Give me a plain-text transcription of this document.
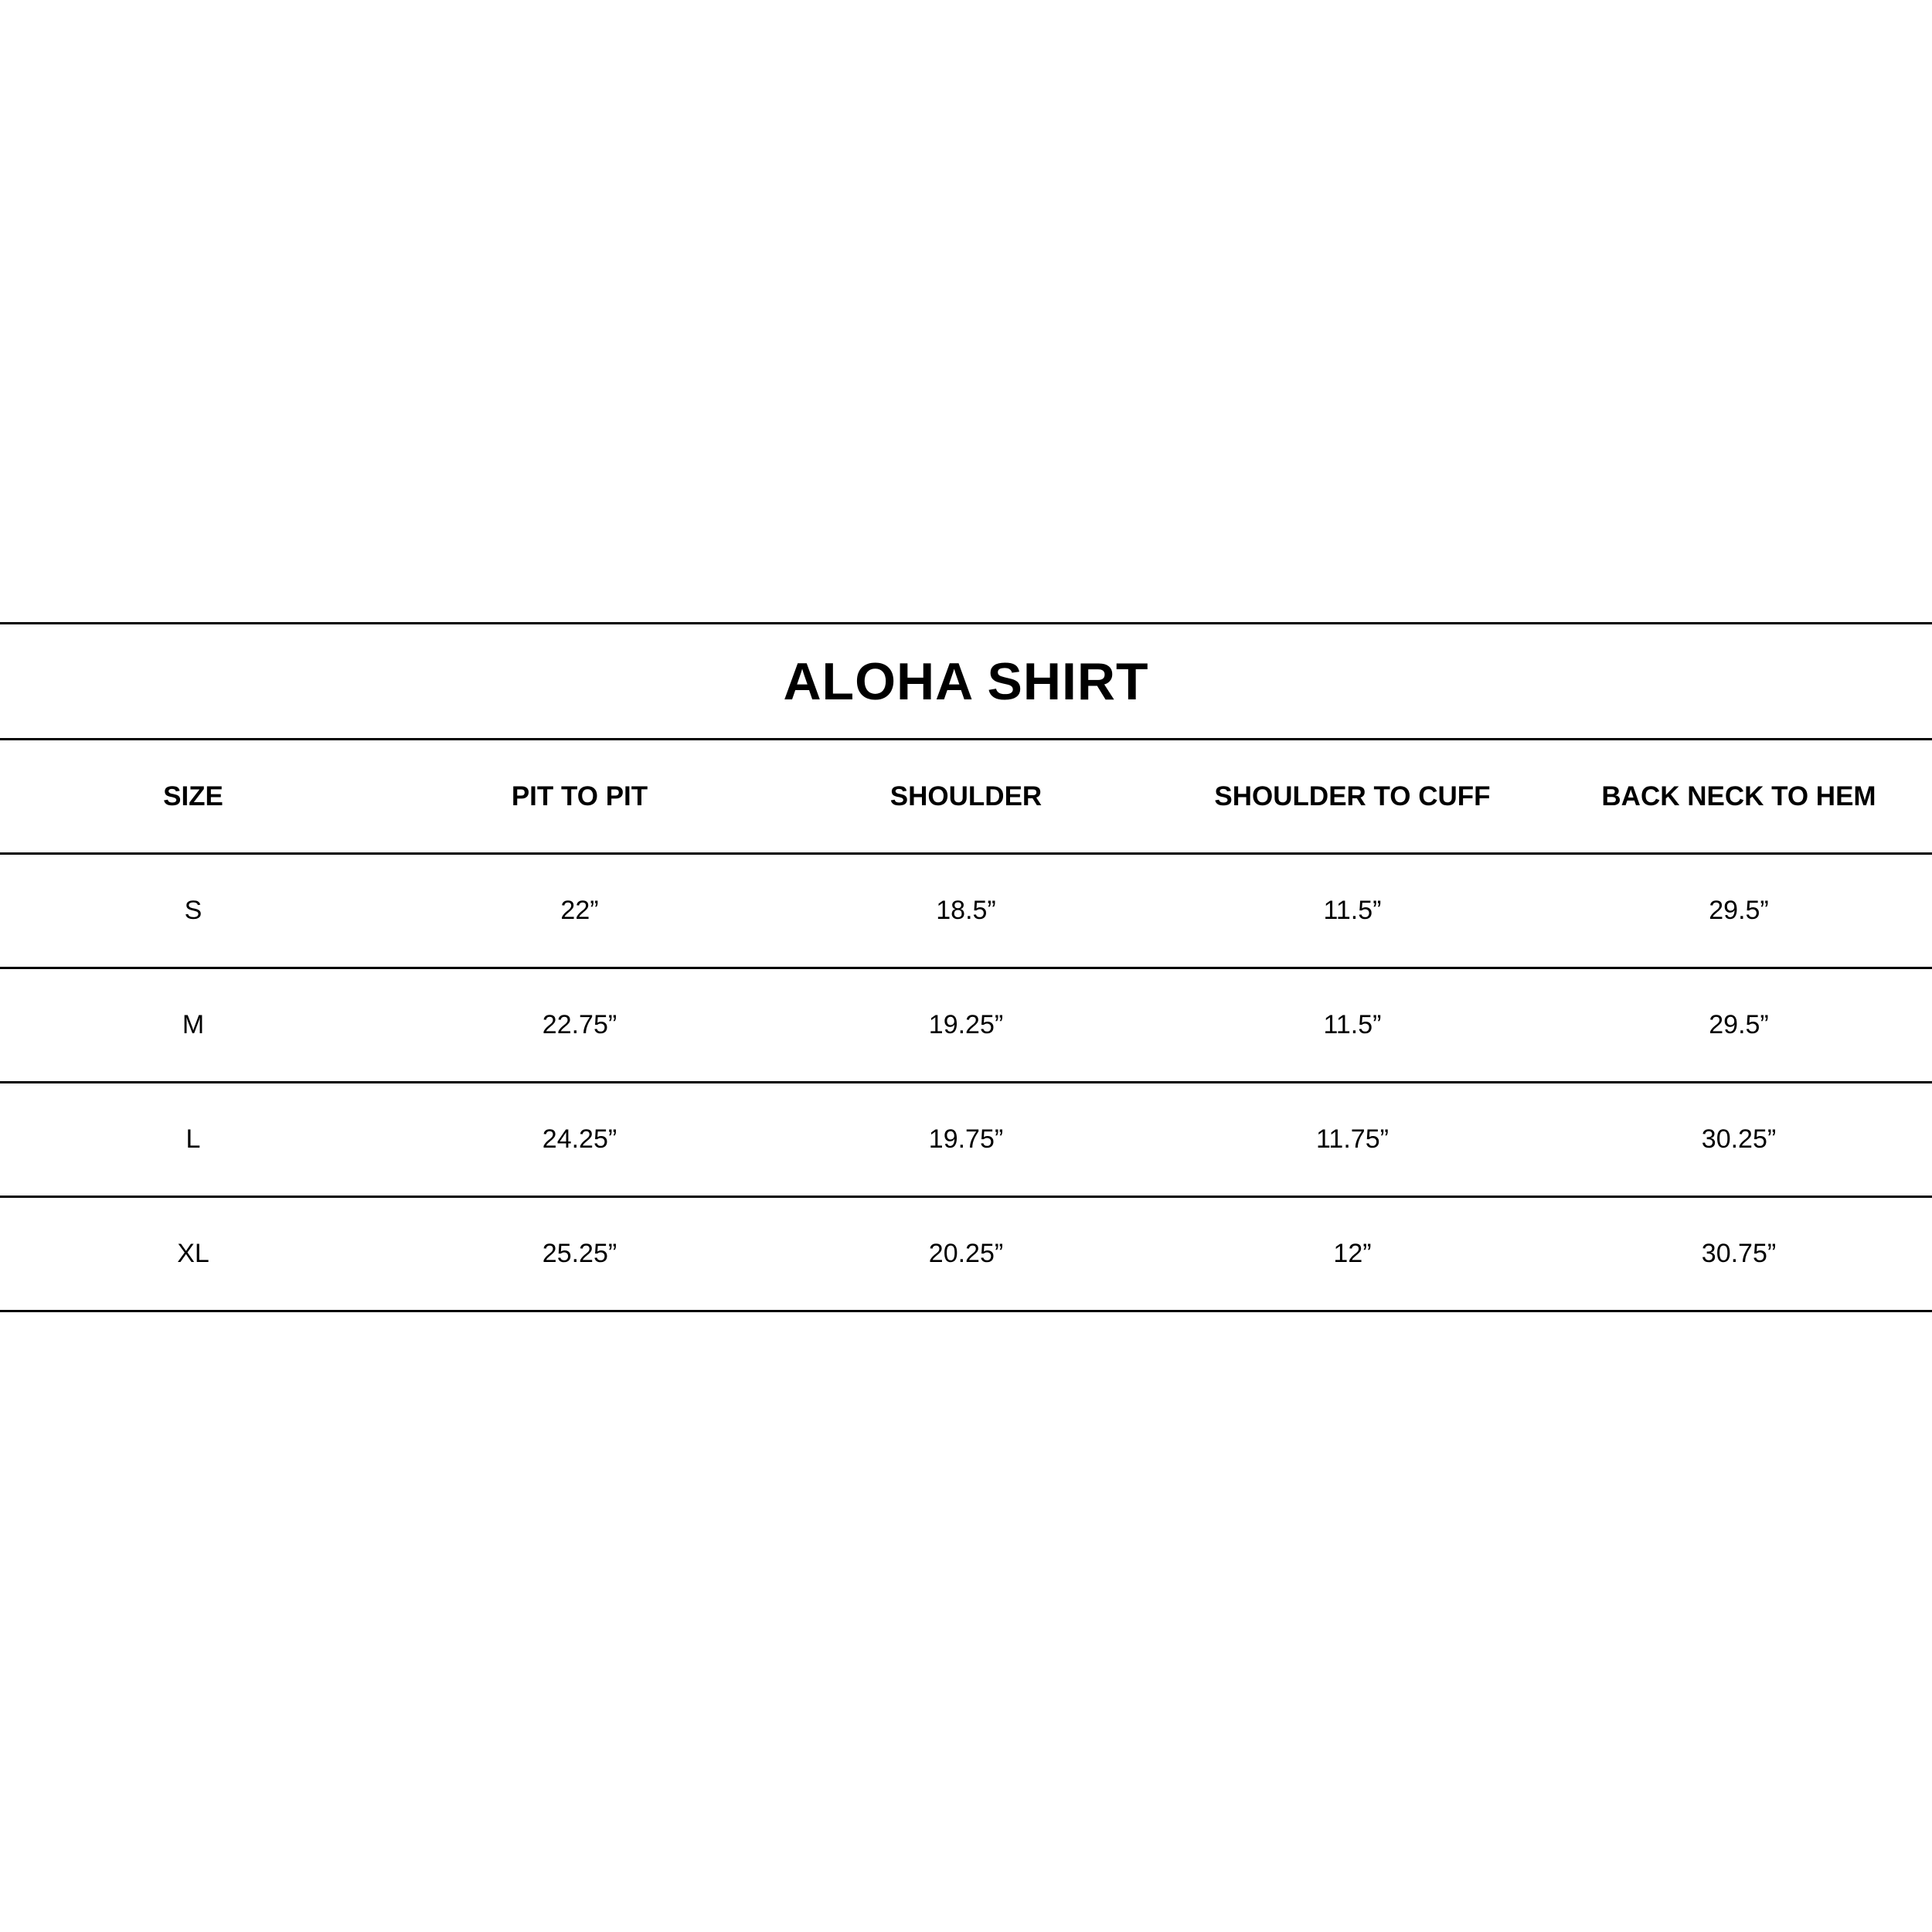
ALOHA SHIRT
SIZE	PIT TO PIT	SHOULDER	SHOULDER TO CUFF	BACK NECK TO HEM
S	22”	18.5”	11.5”	29.5”
M	22.75”	19.25”	11.5”	29.5”
L	24.25”	19.75”	11.75”	30.25”
XL	25.25”	20.25”	12”	30.75”
